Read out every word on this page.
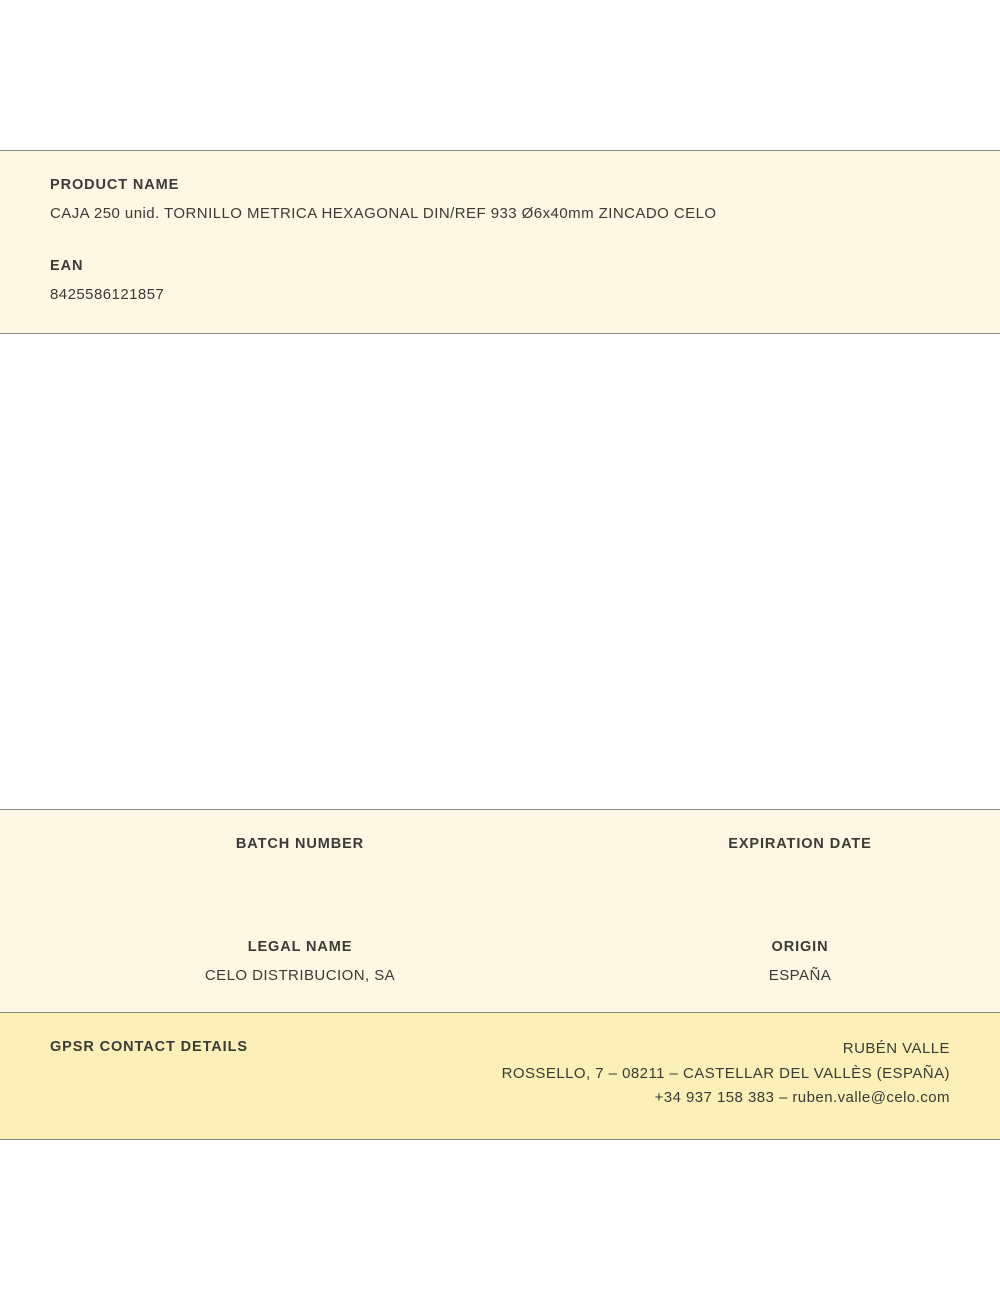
PRODUCT NAME
CAJA 250 unid. TORNILLO METRICA HEXAGONAL DIN/REF 933 Ø6x40mm ZINCADO CELO
EAN
8425586121857
BATCH NUMBER	EXPIRATION DATE
LEGAL NAME
CELO DISTRIBUCION, SA
ORIGIN
ESPAÑA
GPSR CONTACT DETAILS	RUBÉN VALLE
ROSSELLO, 7 – 08211 – CASTELLAR DEL VALLÈS (ESPAÑA)
+34 937 158 383 – ruben.valle@celo.com
